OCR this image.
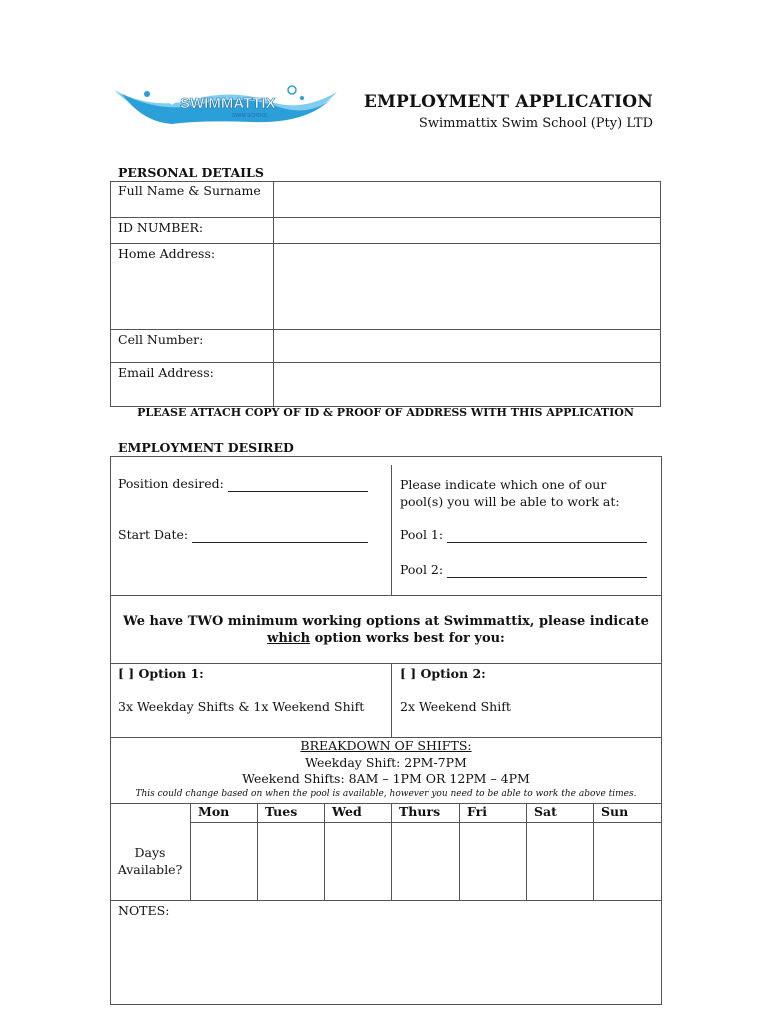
SWIMMATTIX
SWIM SCHOOL
EMPLOYMENT APPLICATION
Swimmattix Swim School (Pty) LTD
PERSONAL DETAILS
Full Name & Surname	

ID NUMBER:	

Home Address:	

Cell Number:	

Email Address:	

PLEASE ATTACH COPY OF ID & PROOF OF ADDRESS WITH THIS APPLICATION
EMPLOYMENT DESIRED
Position desired:
Start Date:
Please indicate which one of our
pool(s) you will be able to work at:
Pool 1:
Pool 2:
We have TWO minimum working options at Swimmattix, please indicate
which option works best for you:
[ ] Option 1:
3x Weekday Shifts & 1x Weekend Shift
[ ] Option 2:
2x Weekend Shift
BREAKDOWN OF SHIFTS:
Weekday Shift: 2PM-7PM
Weekend Shifts: 8AM – 1PM OR 12PM – 4PM
This could change based on when the pool is available, however you need to be able to work the above times.

	Mon	Tues	Wed	Thurs	Fri	Sat	Sun

Days
Available?							

NOTES:
